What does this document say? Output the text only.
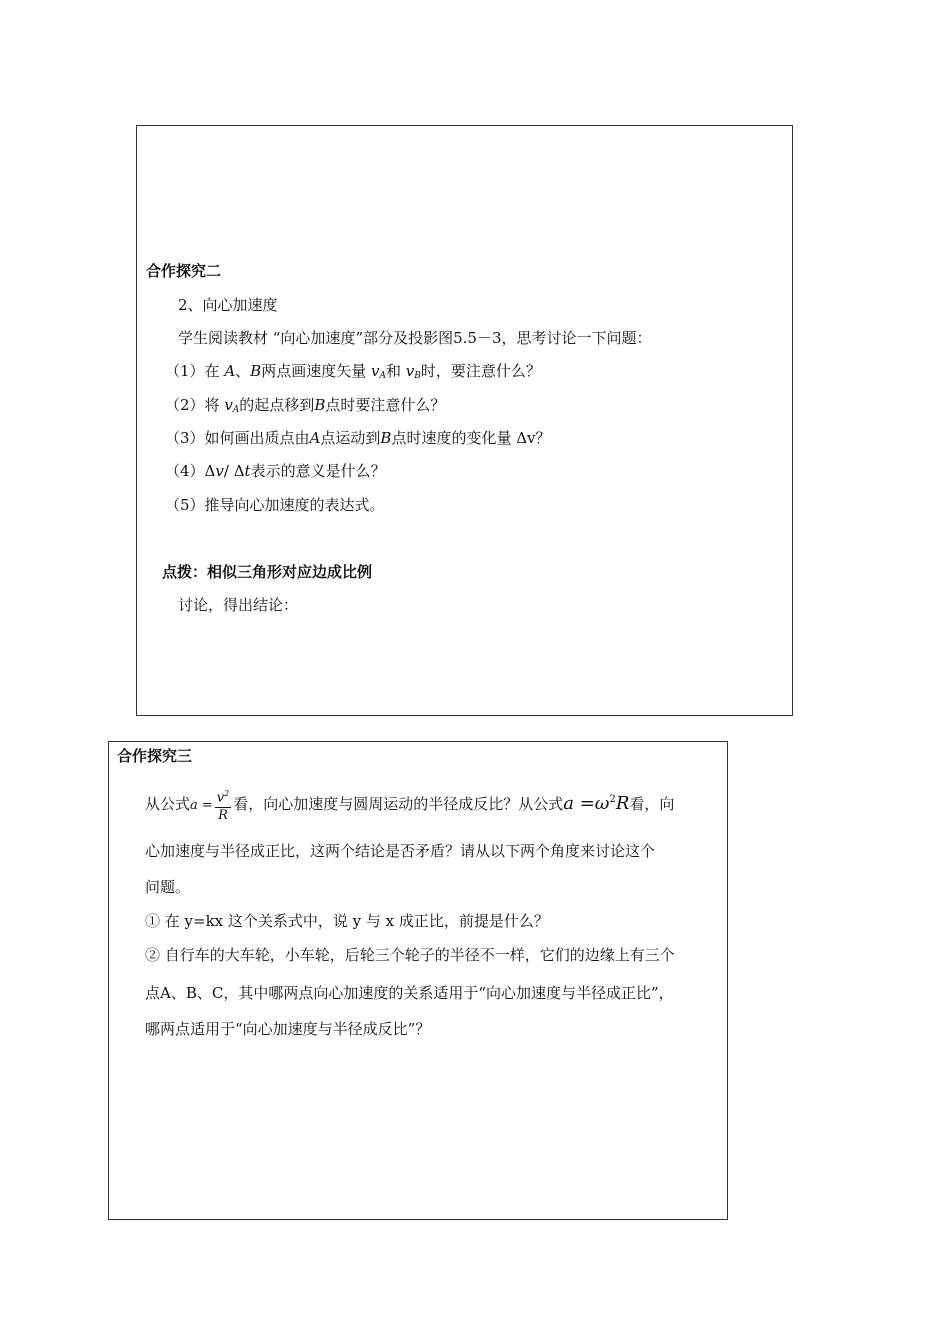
合作探究二
2、向心加速度
学生阅读教材 “向心加速度”部分及投影图5.5－3，思考讨论一下问题：
（1）在 A、B两点画速度矢量 $v_A$和 $v_B$时，要注意什么？
（2）将 $v_A$的起点移到B点时要注意什么？
（3）如何画出质点由A点运动到B点时速度的变化量 Δv？
（4）Δv/ Δt表示的意义是什么？
（5）推导向心加速度的表达式。
点拨：相似三角形对应边成比例
讨论，得出结论：
合作探究三
从公式$a = \frac{v^2}{R}$ 看，向心加速度与圆周运动的半径成反比？从公式$a =\omega^2R$看，向
心加速度与半径成正比，这两个结论是否矛盾？请从以下两个角度来讨论这个
问题。
① 在 y=kx 这个关系式中，说 y 与 x 成正比，前提是什么？
② 自行车的大车轮，小车轮，后轮三个轮子的半径不一样，它们的边缘上有三个
点A、B、C，其中哪两点向心加速度的关系适用于“向心加速度与半径成正比”，
哪两点适用于“向心加速度与半径成反比”？
